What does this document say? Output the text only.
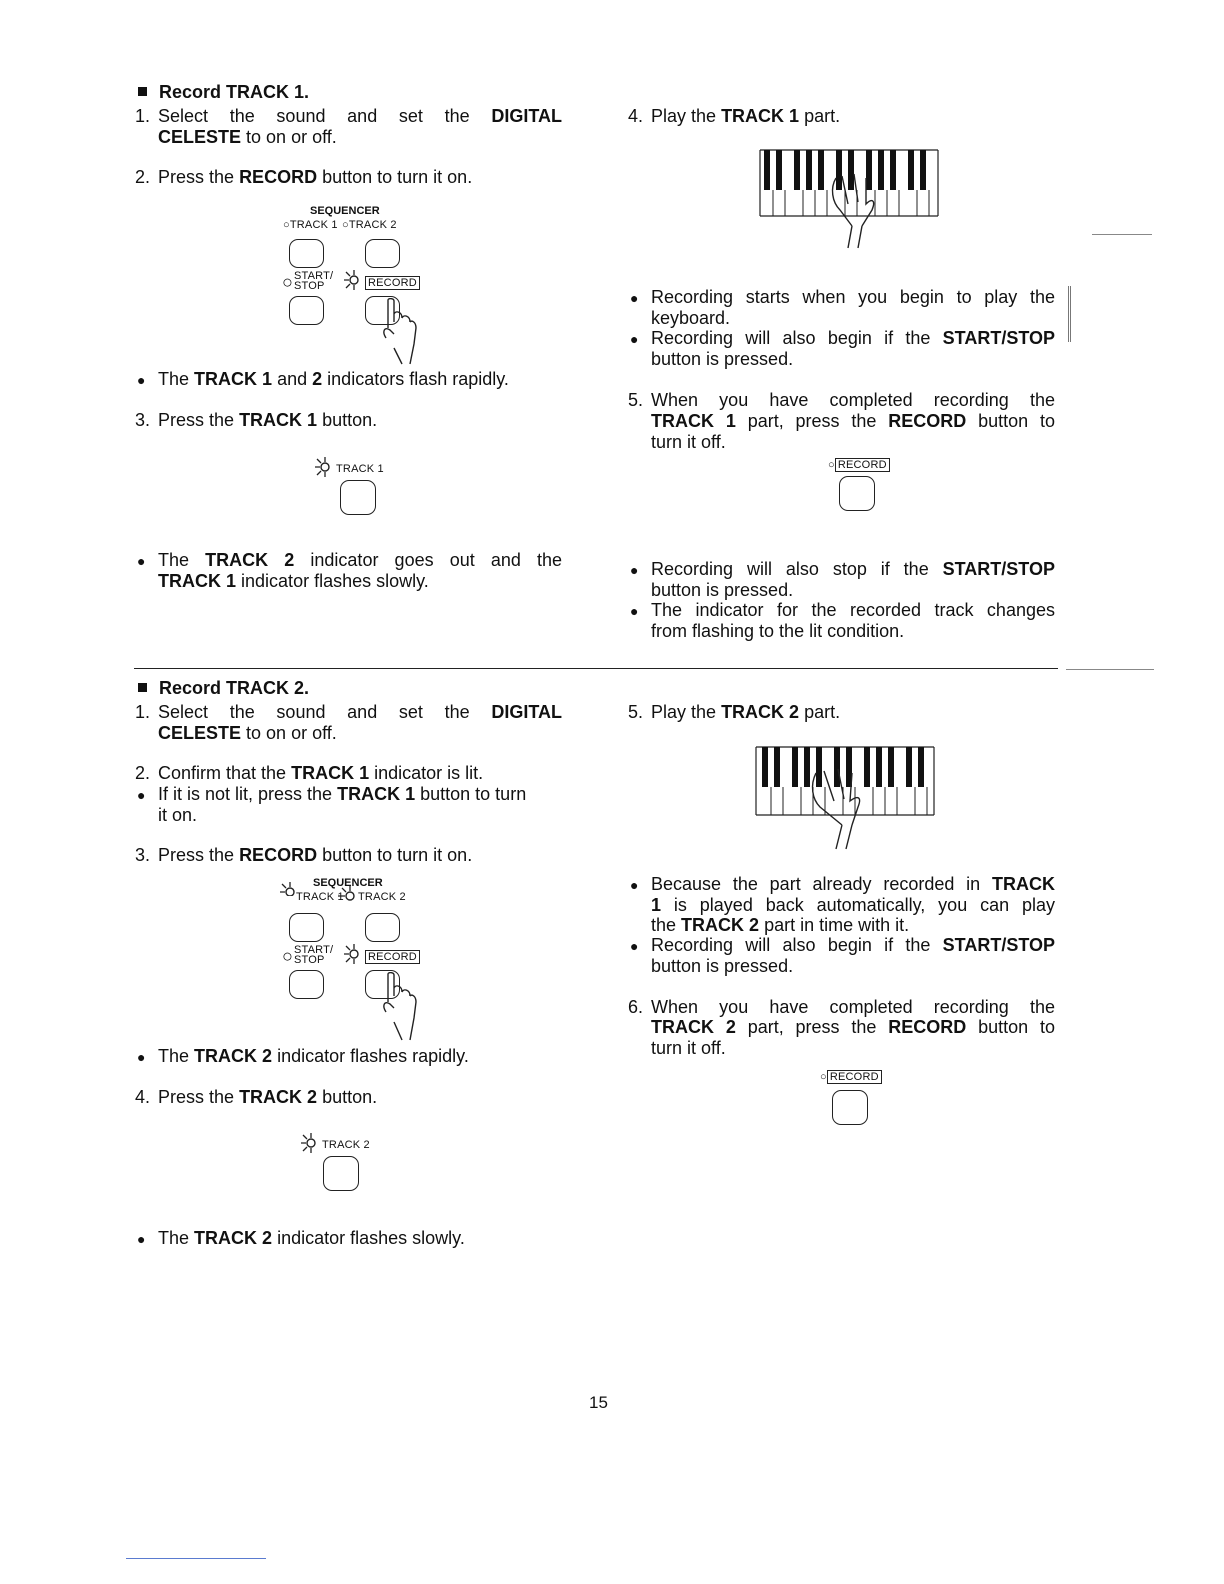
Record TRACK 1.
1. Select the sound and set the DIGITAL
CELESTE to on or off.
2. Press the RECORD button to turn it on.
SEQUENCER
○TRACK 1 ○TRACK 2
○ START/
STOP	RECORD
● The TRACK 1 and 2 indicators flash rapidly.
3. Press the TRACK 1 button.
TRACK 1
● The TRACK 2 indicator goes out and the
TRACK 1 indicator flashes slowly.
4. Play the TRACK 1 part.
● Recording starts when you begin to play the
keyboard.
● Recording will also begin if the START/STOP
button is pressed.
5. When you have completed recording the
TRACK 1 part, press the RECORD button to
turn it off.
○ RECORD
● Recording will also stop if the START/STOP
button is pressed.
● The indicator for the recorded track changes
from flashing to the lit condition.
Record TRACK 2.
1. Select the sound and set the DIGITAL
CELESTE to on or off.
2. Confirm that the TRACK 1 indicator is lit.
● If it is not lit, press the TRACK 1 button to turn
it on.
3. Press the RECORD button to turn it on.
SEQUENCER
TRACK 1 TRACK 2
○ START/
STOP	RECORD
● The TRACK 2 indicator flashes rapidly.
4. Press the TRACK 2 button.
TRACK 2
● The TRACK 2 indicator flashes slowly.
5. Play the TRACK 2 part.
● Because the part already recorded in TRACK
1 is played back automatically, you can play
the TRACK 2 part in time with it.
● Recording will also begin if the START/STOP
button is pressed.
6. When you have completed recording the
TRACK 2 part, press the RECORD button to
turn it off.
○ RECORD
15
